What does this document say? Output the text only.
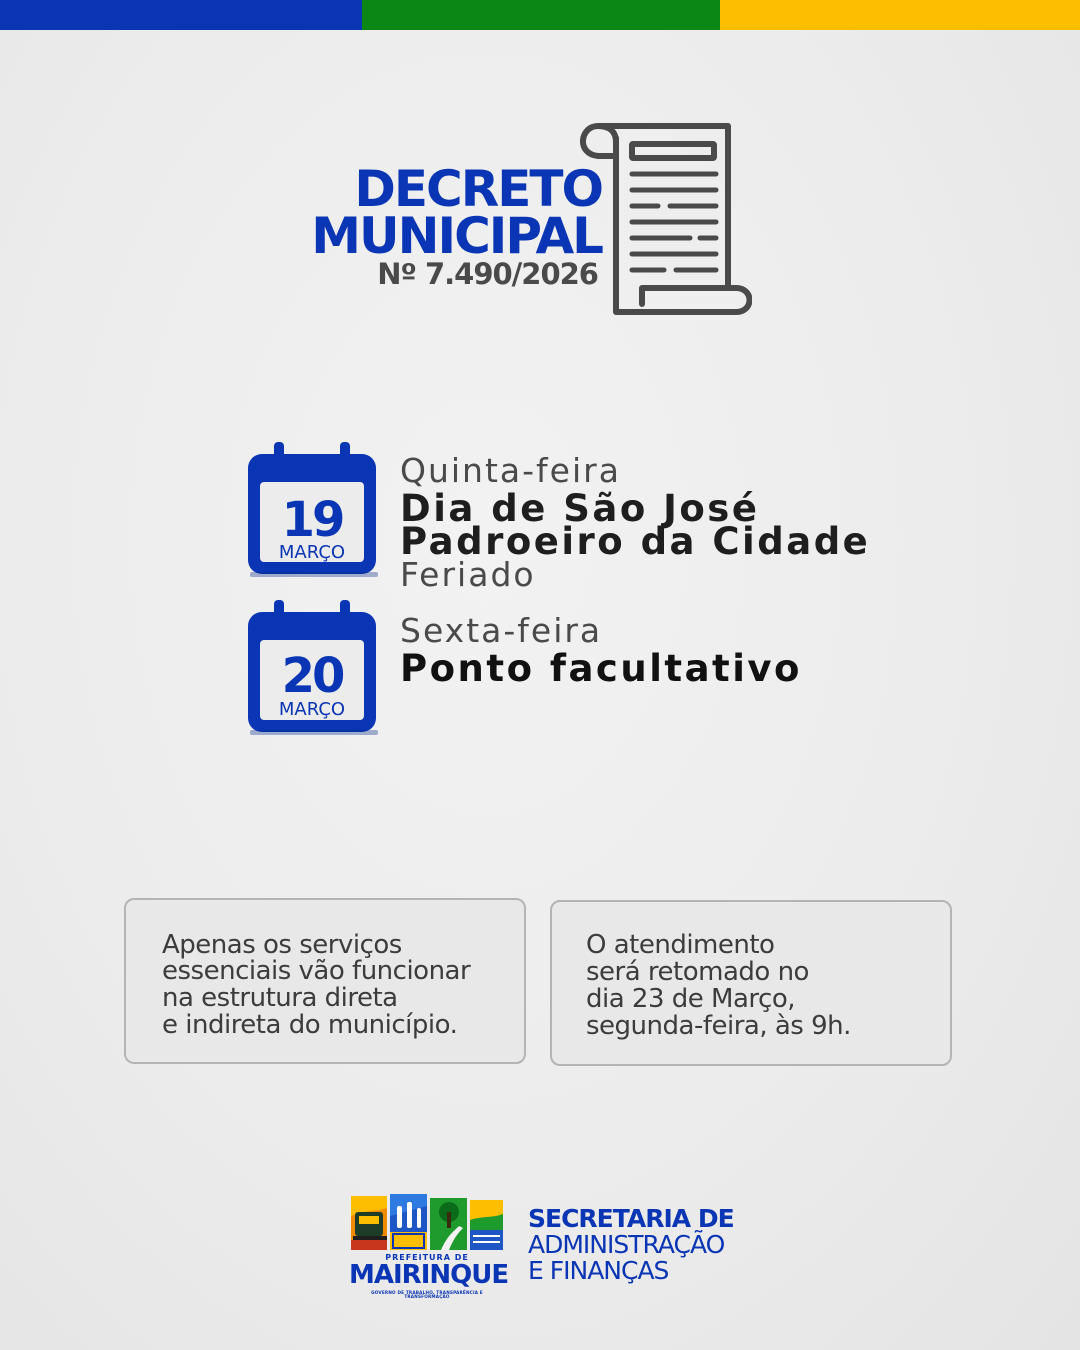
DECRETO
MUNICIPAL
Nº 7.490/2026
19
MARÇO
Quinta-feira
Dia de São José
Padroeiro da Cidade
Feriado
20
MARÇO
Sexta-feira
Ponto facultativo
Apenas os serviços
essenciais vão funcionar
na estrutura direta
e indireta do município.
O atendimento
será retomado no
dia 23 de Março,
segunda-feira, às 9h.
PREFEITURA DE
MAIRINQUE
GOVERNO DE TRABALHO, TRANSPARÊNCIA E TRANSFORMAÇÃO
SECRETARIA DE
ADMINISTRAÇÃO
E FINANÇAS
